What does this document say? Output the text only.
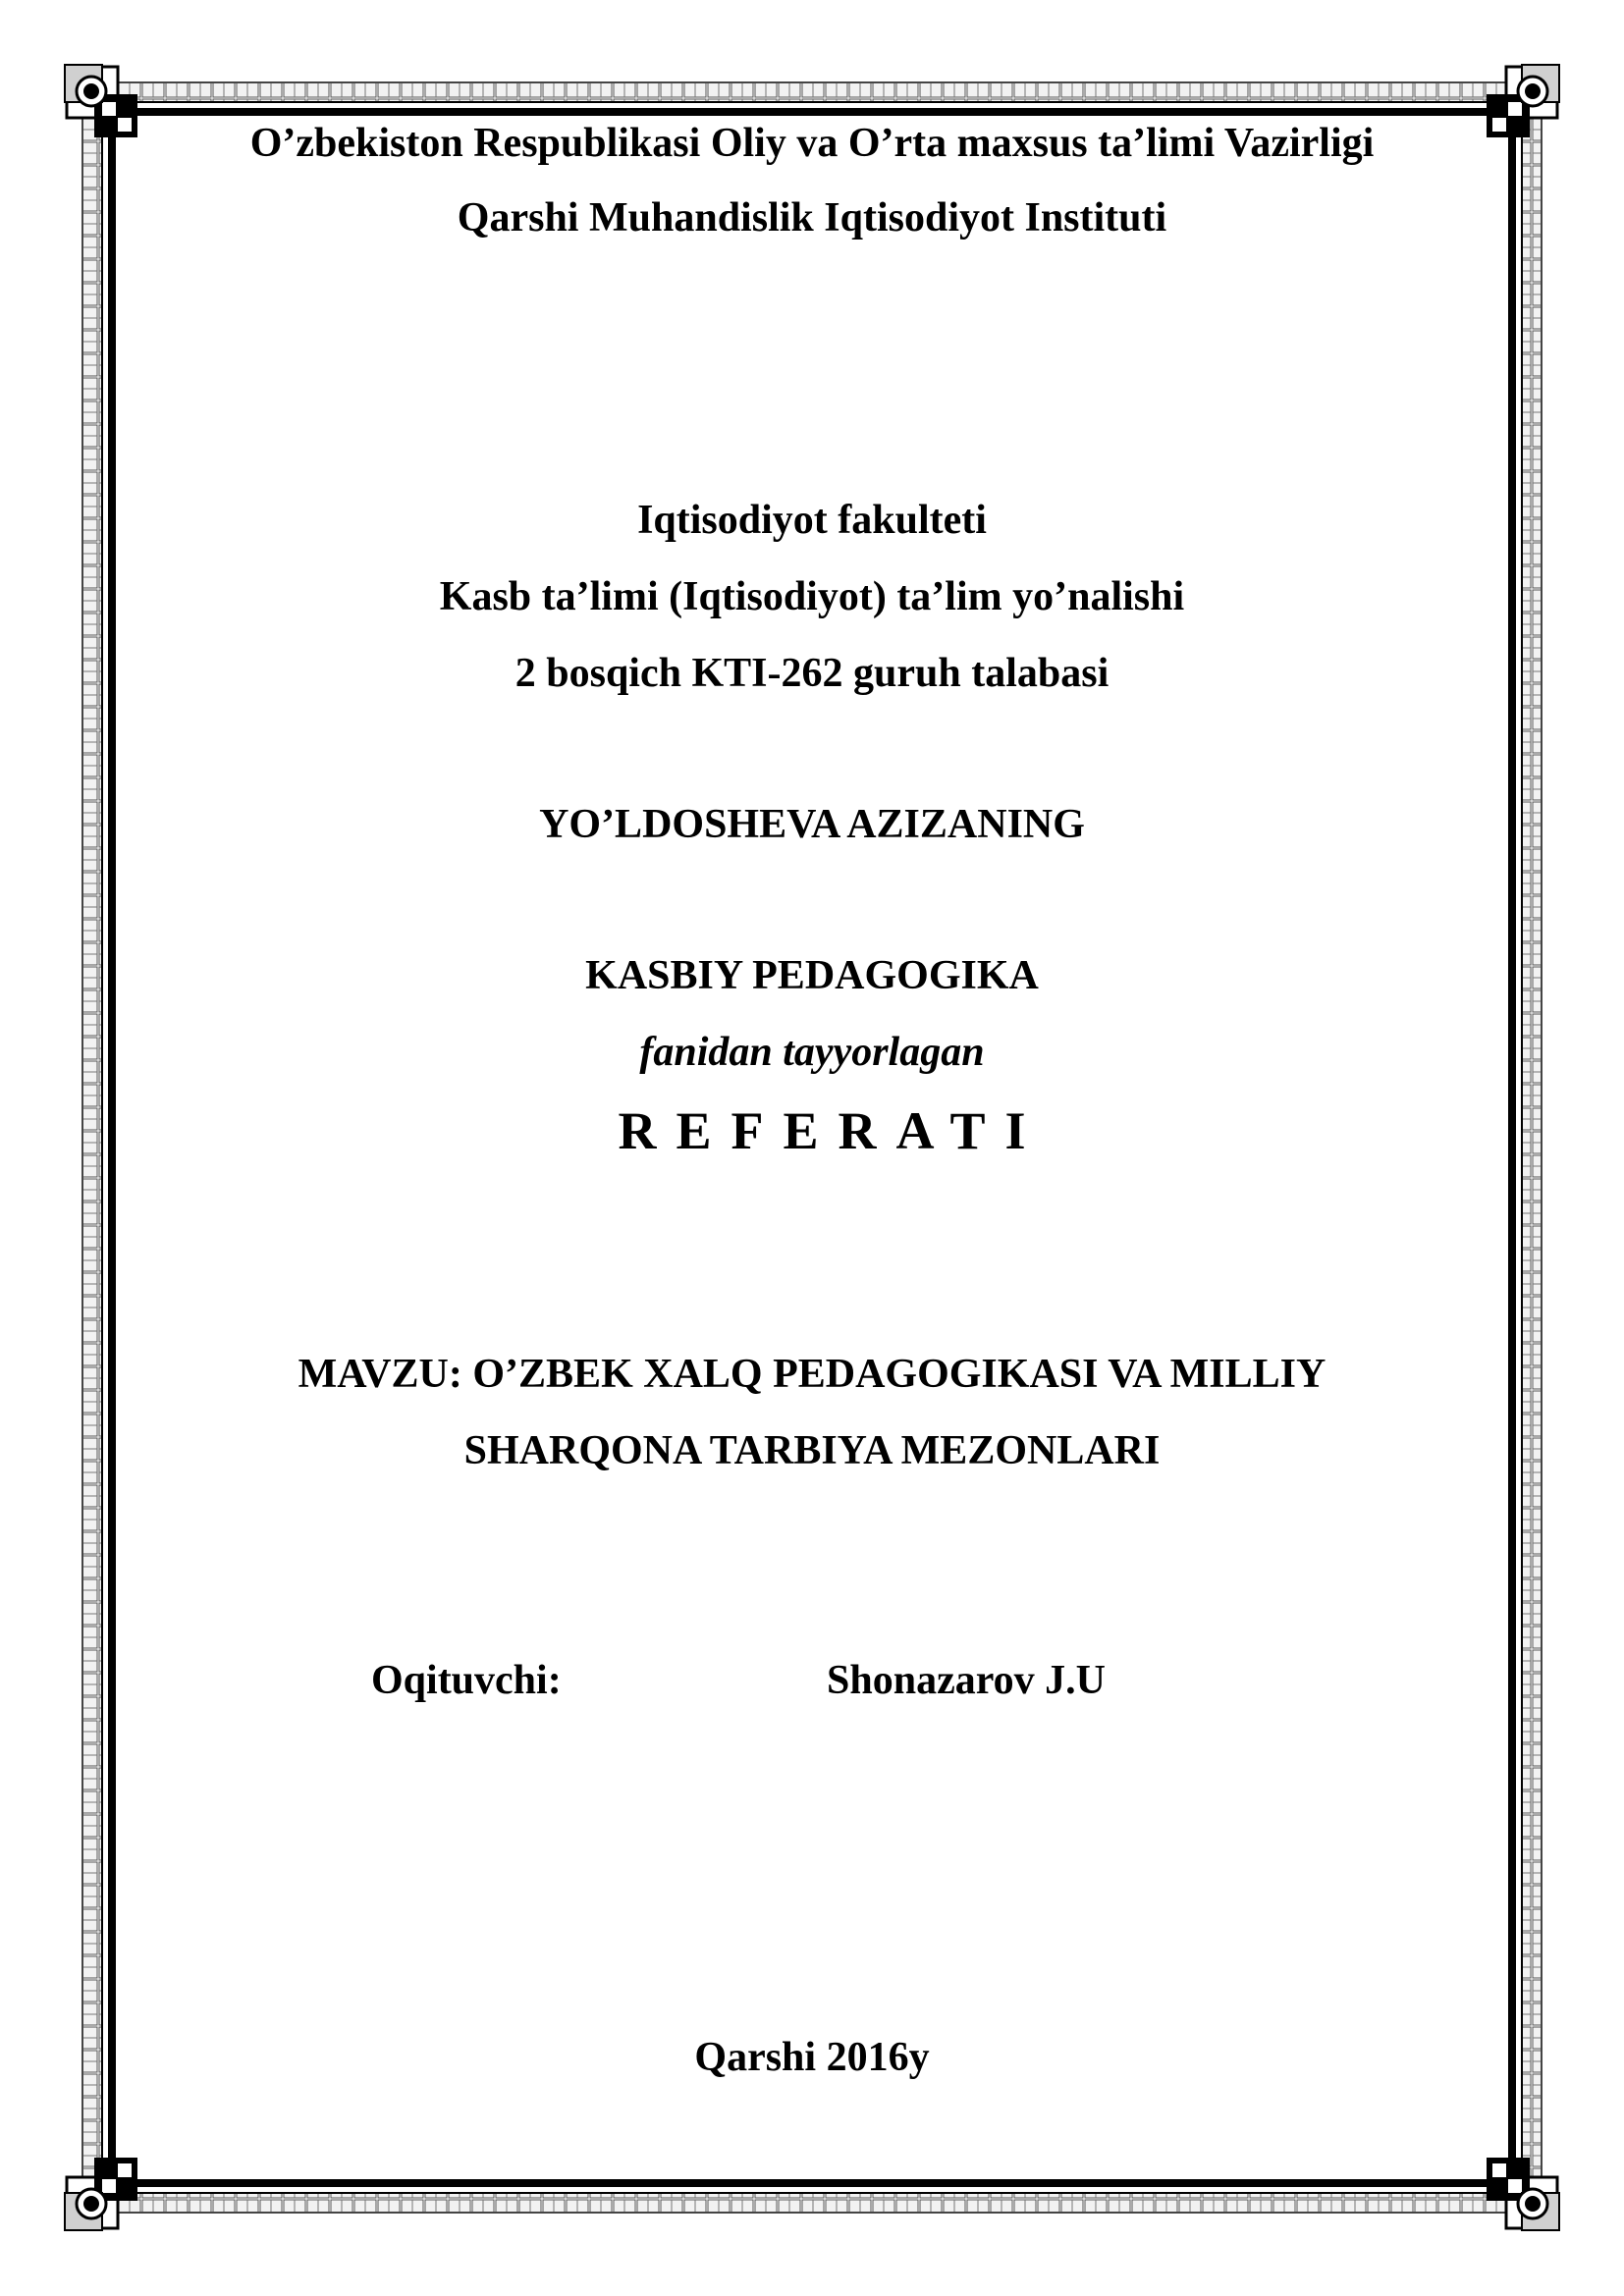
O’zbekiston Respublikasi Oliy va O’rta maxsus ta’limi Vazirligi
Qarshi Muhandislik Iqtisodiyot Instituti
Iqtisodiyot fakulteti
Kasb ta’limi (Iqtisodiyot) ta’lim yo’nalishi
2 bosqich KTI-262 guruh talabasi
YO’LDOSHEVA AZIZANING
KASBIY PEDAGOGIKA
fanidan tayyorlagan
REFERATI
MAVZU: O’ZBEK XALQ PEDAGOGIKASI VA MILLIY
SHARQONA TARBIYA MEZONLARI
Oqituvchi:	Shonazarov J.U
Qarshi 2016y
